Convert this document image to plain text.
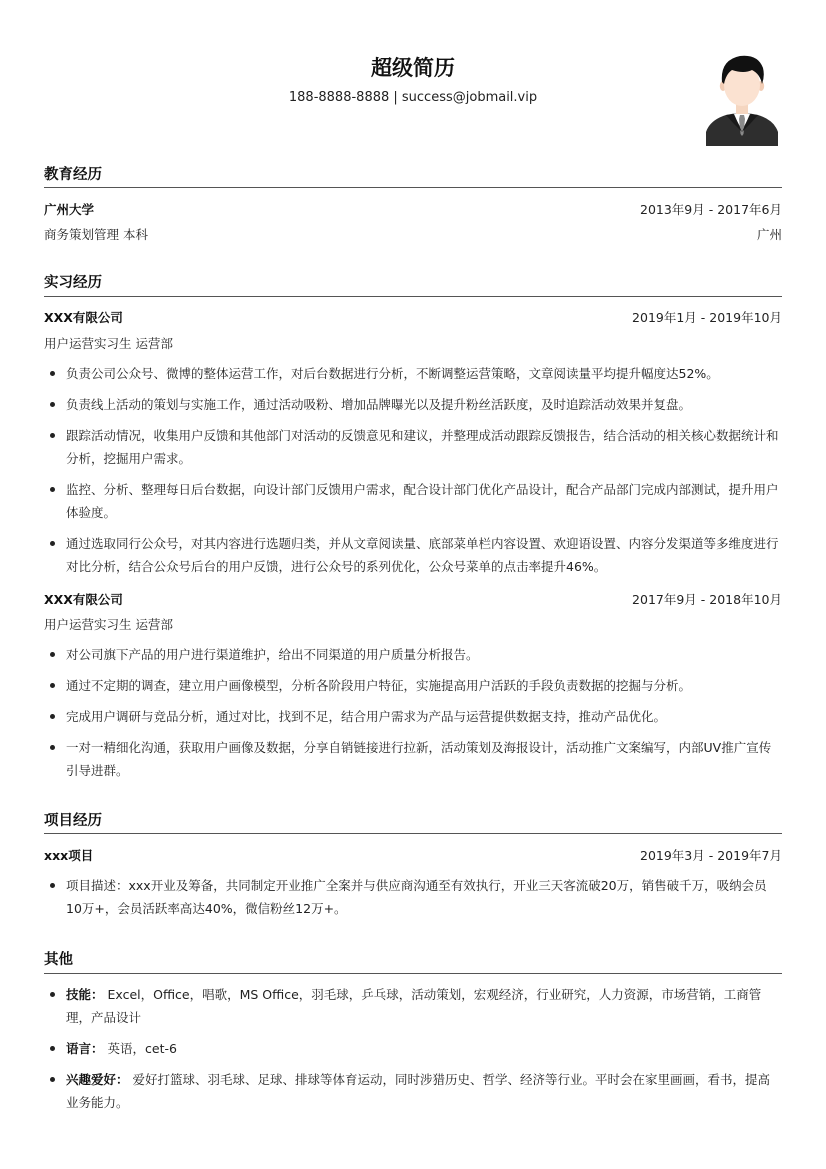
超级简历
188-8888-8888 | success@jobmail.vip
教育经历
广州大学	2013年9月 - 2017年6月
商务策划管理 本科	广州
实习经历
XXX有限公司	2019年1月 - 2019年10月
用户运营实习生 运营部
负责公司公众号、微博的整体运营工作，对后台数据进行分析，不断调整运营策略，文章阅读量平均提升幅度达52%。
负责线上活动的策划与实施工作，通过活动吸粉、增加品牌曝光以及提升粉丝活跃度，及时追踪活动效果并复盘。
跟踪活动情况，收集用户反馈和其他部门对活动的反馈意见和建议，并整理成活动跟踪反馈报告，结合活动的相关核心数据统计和分析，挖掘用户需求。
监控、分析、整理每日后台数据，向设计部门反馈用户需求，配合设计部门优化产品设计，配合产品部门完成内部测试，提升用户体验度。
通过选取同行公众号，对其内容进行选题归类，并从文章阅读量、底部菜单栏内容设置、欢迎语设置、内容分发渠道等多维度进行对比分析，结合公众号后台的用户反馈，进行公众号的系列优化，公众号菜单的点击率提升46%。
XXX有限公司	2017年9月 - 2018年10月
用户运营实习生 运营部
对公司旗下产品的用户进行渠道维护，给出不同渠道的用户质量分析报告。
通过不定期的调查，建立用户画像模型，分析各阶段用户特征，实施提高用户活跃的手段负责数据的挖掘与分析。
完成用户调研与竞品分析，通过对比，找到不足，结合用户需求为产品与运营提供数据支持，推动产品优化。
一对一精细化沟通，获取用户画像及数据，分享自销链接进行拉新，活动策划及海报设计，活动推广文案编写，内部UV推广宣传引导进群。
项目经历
xxx项目	2019年3月 - 2019年7月
项目描述：xxx开业及筹备，共同制定开业推广全案并与供应商沟通至有效执行，开业三天客流破20万，销售破千万，吸纳会员10万+，会员活跃率高达40%，微信粉丝12万+。
其他
技能： Excel，Office，唱歌，MS Office，羽毛球，乒乓球，活动策划，宏观经济，行业研究，人力资源，市场营销，工商管理，产品设计
语言： 英语，cet-6
兴趣爱好： 爱好打篮球、羽毛球、足球、排球等体育运动，同时涉猎历史、哲学、经济等行业。平时会在家里画画，看书，提高业务能力。
